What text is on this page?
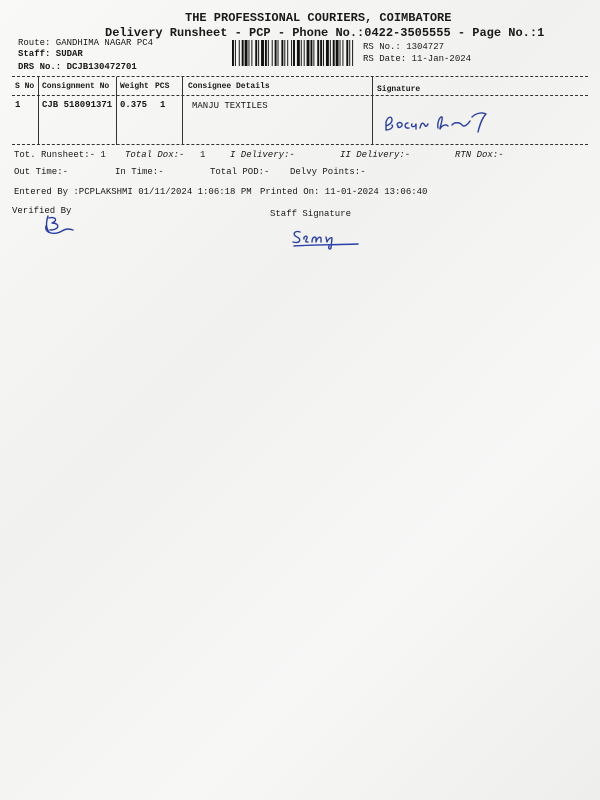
THE PROFESSIONAL COURIERS, COIMBATORE
Delivery Runsheet - PCP - Phone No.:0422-3505555 - Page No.:1
Route: GANDHIMA NAGAR PC4
Staff: SUDAR
DRS No.: DCJB130472701
RS No.: 1304727
RS Date: 11-Jan-2024
S No Consignment No Weight PCS Consignee Details	Signature
1 CJB 518091371 0.375 1	MANJU TEXTILES
Tot. Runsheet:- 1 Total Dox:- 1	I Delivery:-	II Delivery:-	RTN Dox:-
Out Time:-	In Time:-	Total POD:- Delvy Points:-
Entered By :PCPLAKSHMI 01/11/2024 1:06:18 PM Printed On: 11-01-2024 13:06:40
Verified By	Staff Signature
